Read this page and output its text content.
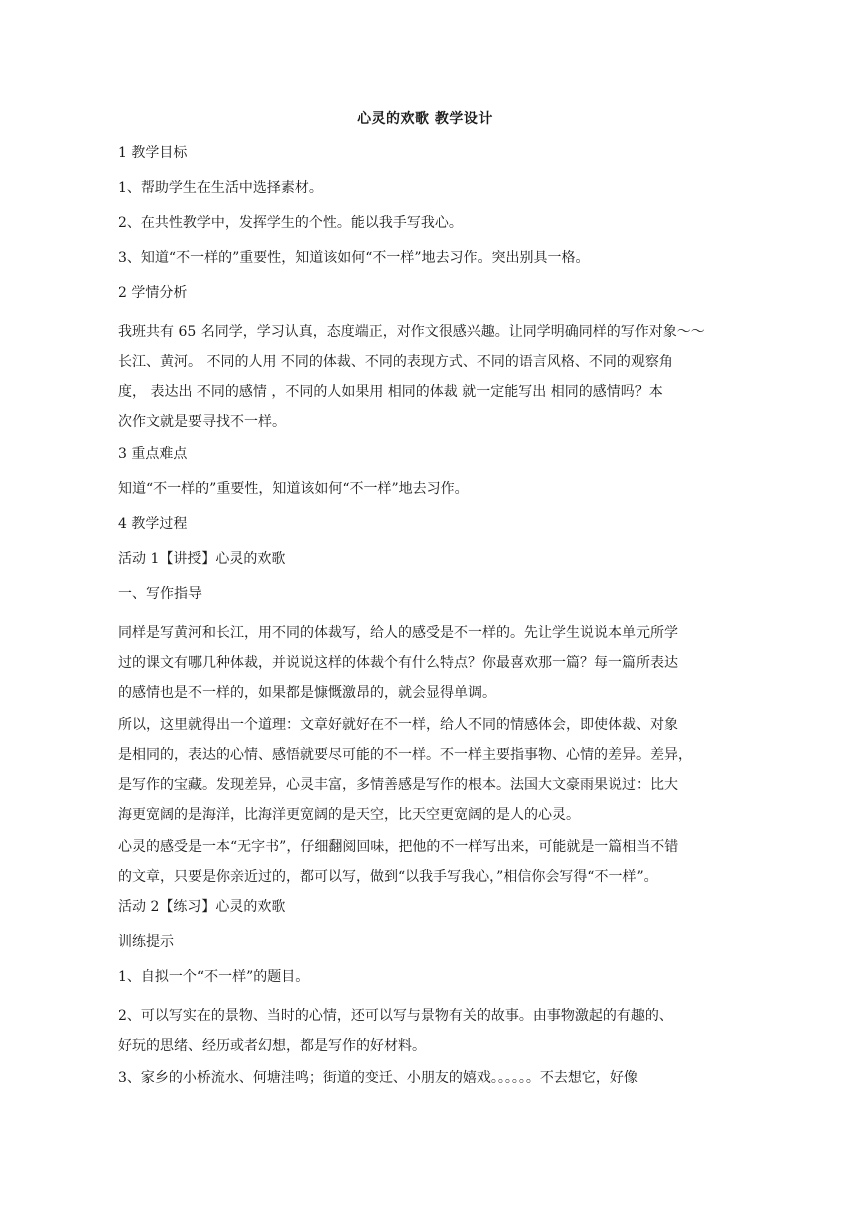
心灵的欢歌 教学设计
1 教学目标
1、帮助学生在生活中选择素材。
2、在共性教学中，发挥学生的个性。能以我手写我心。
3、知道“不一样的”重要性，知道该如何“不一样”地去习作。突出别具一格。
2 学情分析
我班共有 65 名同学，学习认真，态度端正，对作文很感兴趣。让同学明确同样的写作对象～～
长江、黄河。 不同的人用 不同的体裁、不同的表现方式、不同的语言风格、不同的观察角
度， 表达出 不同的感情 ，不同的人如果用 相同的体裁 就一定能写出 相同的感情吗？本
次作文就是要寻找不一样。
3 重点难点
知道“不一样的”重要性，知道该如何“不一样”地去习作。
4 教学过程
活动 1【讲授】心灵的欢歌
一、写作指导
同样是写黄河和长江，用不同的体裁写，给人的感受是不一样的。先让学生说说本单元所学
过的课文有哪几种体裁，并说说这样的体裁个有什么特点？你最喜欢那一篇？每一篇所表达
的感情也是不一样的，如果都是慷慨激昂的，就会显得单调。
所以，这里就得出一个道理：文章好就好在不一样，给人不同的情感体会，即使体裁、对象
是相同的，表达的心情、感悟就要尽可能的不一样。不一样主要指事物、心情的差异。差异，
是写作的宝藏。发现差异，心灵丰富，多情善感是写作的根本。法国大文豪雨果说过：比大
海更宽阔的是海洋，比海洋更宽阔的是天空，比天空更宽阔的是人的心灵。
心灵的感受是一本“无字书”，仔细翻阅回味，把他的不一样写出来，可能就是一篇相当不错
的文章，只要是你亲近过的，都可以写，做到“以我手写我心，”相信你会写得“不一样”。
活动 2【练习】心灵的欢歌
训练提示
1、自拟一个“不一样”的题目。
2、可以写实在的景物、当时的心情，还可以写与景物有关的故事。由事物激起的有趣的、
好玩的思绪、经历或者幻想，都是写作的好材料。
3、家乡的小桥流水、何塘洼鸣；街道的变迁、小朋友的嬉戏。。。。。。不去想它，好像
